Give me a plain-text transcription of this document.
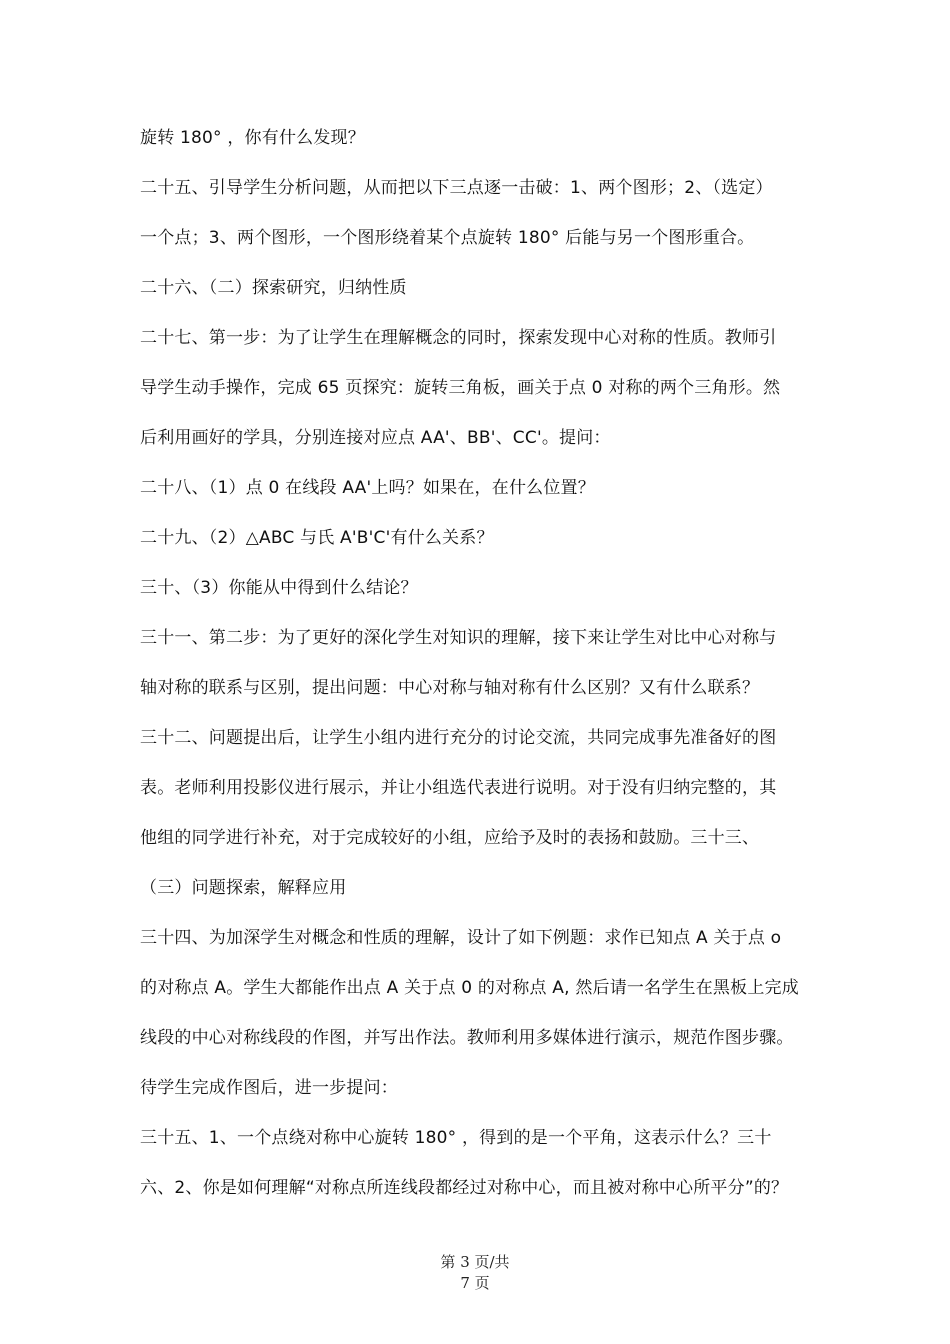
旋转 180° ，你有什么发现？
二十五、引导学生分析问题，从而把以下三点逐一击破：1、两个图形；2、（选定）
一个点；3、两个图形，一个图形绕着某个点旋转 180° 后能与另一个图形重合。
二十六、（二）探索研究，归纳性质
二十七、第一步：为了让学生在理解概念的同时，探索发现中心对称的性质。教师引
导学生动手操作，完成 65 页探究：旋转三角板，画关于点 0 对称的两个三角形。然
后利用画好的学具，分别连接对应点 AA'、BB'、CC'。提问：
二十八、（1）点 0 在线段 AA'上吗？如果在，在什么位置？
二十九、（2）△ABC 与氏 A'B'C'有什么关系？
三十、（3）你能从中得到什么结论？
三十一、第二步：为了更好的深化学生对知识的理解，接下来让学生对比中心对称与
轴对称的联系与区别，提出问题：中心对称与轴对称有什么区别？又有什么联系？
三十二、问题提出后，让学生小组内进行充分的讨论交流，共同完成事先准备好的图
表。老师利用投影仪进行展示，并让小组选代表进行说明。对于没有归纳完整的，其
他组的同学进行补充，对于完成较好的小组，应给予及时的表扬和鼓励。三十三、
（三）问题探索，解释应用
三十四、为加深学生对概念和性质的理解，设计了如下例题：求作已知点 A 关于点 o
的对称点 A。学生大都能作出点 A 关于点 0 的对称点 A, 然后请一名学生在黑板上完成
线段的中心对称线段的作图，并写出作法。教师利用多媒体进行演示，规范作图步骤。
待学生完成作图后，进一步提问：
三十五、1、一个点绕对称中心旋转 180° ，得到的是一个平角，这表示什么？三十
六、2、你是如何理解“对称点所连线段都经过对称中心，而且被对称中心所平分”的？
第 3 页/共
7 页
